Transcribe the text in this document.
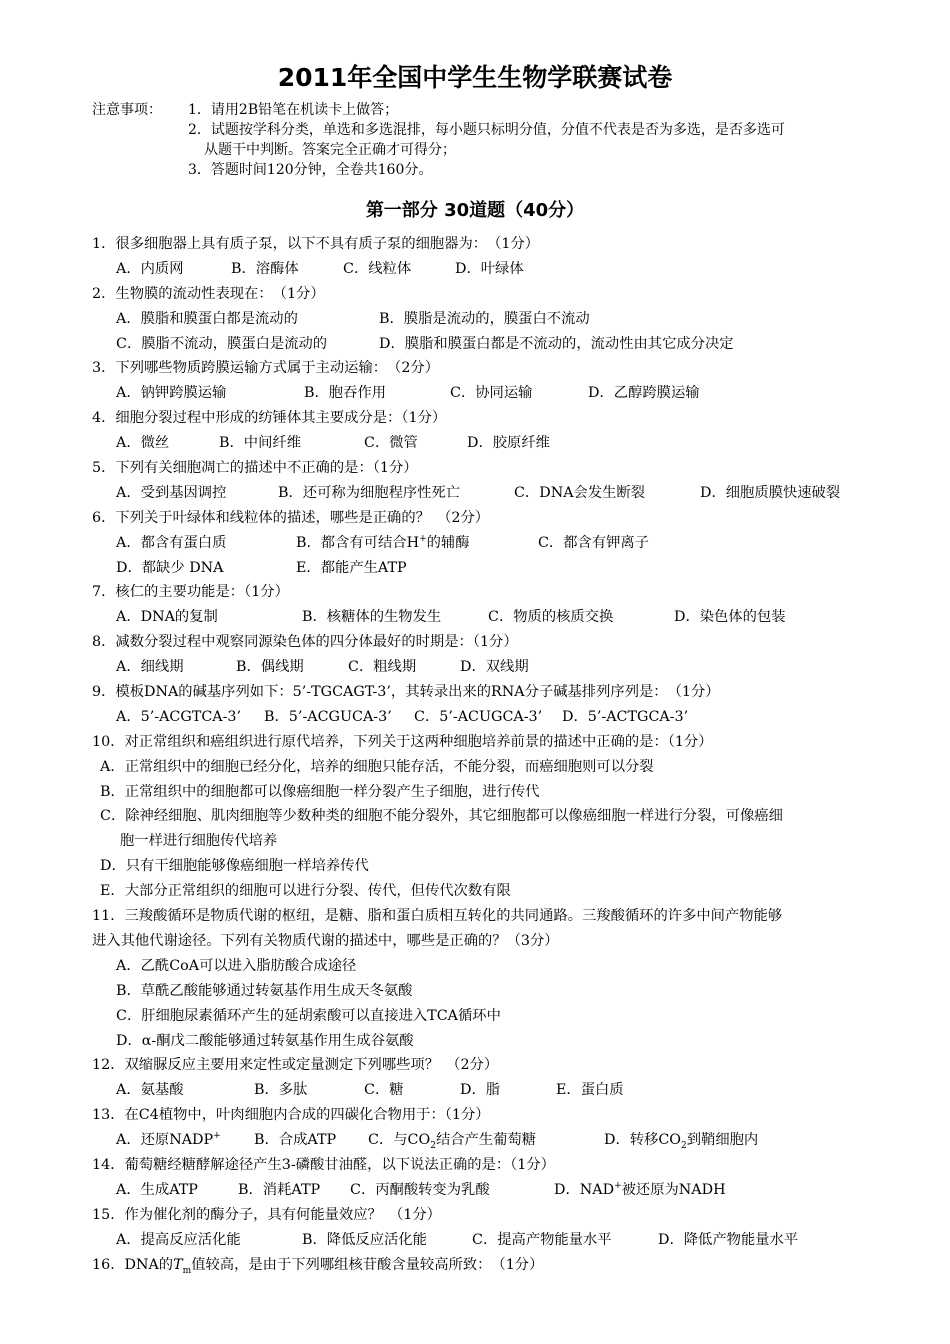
2011年全国中学生生物学联赛试卷
注意事项： 1．请用2B铅笔在机读卡上做答；
2．试题按学科分类，单选和多选混排，每小题只标明分值，分值不代表是否为多选，是否多选可
从题干中判断。答案完全正确才可得分；
3．答题时间120分钟，全卷共160分。
第一部分 30道题（40分）
1．很多细胞器上具有质子泵，以下不具有质子泵的细胞器为：　（1分）
A．内质网	B．溶酶体	C．线粒体	D．叶绿体
2．生物膜的流动性表现在：　（1分）
A．膜脂和膜蛋白都是流动的	B．膜脂是流动的，膜蛋白不流动
C．膜脂不流动，膜蛋白是流动的	D．膜脂和膜蛋白都是不流动的，流动性由其它成分决定
3．下列哪些物质跨膜运输方式属于主动运输：　（2分）
A．钠钾跨膜运输	B．胞吞作用	C．协同运输	D．乙醇跨膜运输
4．细胞分裂过程中形成的纺锤体其主要成分是：（1分）
A．微丝	B．中间纤维	C．微管	D．胶原纤维
5．下列有关细胞凋亡的描述中不正确的是：（1分）
A．受到基因调控	B．还可称为细胞程序性死亡	C．DNA会发生断裂	D．细胞质膜快速破裂
6．下列关于叶绿体和线粒体的描述，哪些是正确的？　（2分）
A．都含有蛋白质	B．都含有可结合H+的辅酶	C．都含有钾离子
D．都缺少 DNA	E．都能产生ATP
7．核仁的主要功能是：（1分）
A．DNA的复制	B．核糖体的生物发生	C．物质的核质交换	D．染色体的包装
8．减数分裂过程中观察同源染色体的四分体最好的时期是：（1分）
A．细线期	B．偶线期	C．粗线期	D．双线期
9．模板DNA的碱基序列如下：5’-TGCAGT-3’，其转录出来的RNA分子碱基排列序列是：　（1分）
A．5’-ACGTCA-3’ B．5’-ACGUCA-3’ C．5’-ACUGCA-3’ D．5’-ACTGCA-3’
10．对正常组织和癌组织进行原代培养，下列关于这两种细胞培养前景的描述中正确的是：（1分）
A．正常组织中的细胞已经分化，培养的细胞只能存活，不能分裂，而癌细胞则可以分裂
B．正常组织中的细胞都可以像癌细胞一样分裂产生子细胞，进行传代
C．除神经细胞、肌肉细胞等少数种类的细胞不能分裂外，其它细胞都可以像癌细胞一样进行分裂，可像癌细
胞一样进行细胞传代培养
D．只有干细胞能够像癌细胞一样培养传代
E．大部分正常组织的细胞可以进行分裂、传代，但传代次数有限
11．三羧酸循环是物质代谢的枢纽，是糖、脂和蛋白质相互转化的共同通路。三羧酸循环的许多中间产物能够
进入其他代谢途径。下列有关物质代谢的描述中，哪些是正确的？（3分）
A．乙酰CoA可以进入脂肪酸合成途径
B．草酰乙酸能够通过转氨基作用生成天冬氨酸
C．肝细胞尿素循环产生的延胡索酸可以直接进入TCA循环中
D．α-酮戊二酸能够通过转氨基作用生成谷氨酸
12．双缩脲反应主要用来定性或定量测定下列哪些项？　（2分）
A．氨基酸	B．多肽	C．糖	D．脂	E．蛋白质
13．在C4植物中，叶肉细胞内合成的四碳化合物用于：（1分）
A．还原NADP+ B．合成ATP C．与$CO_2$结合产生葡萄糖	D．转移$CO_2$到鞘细胞内
14．葡萄糖经糖酵解途径产生3-磷酸甘油醛，以下说法正确的是：（1分）
A．生成ATP	B．消耗ATP C．丙酮酸转变为乳酸	D．NAD+被还原为NADH
15．作为催化剂的酶分子，具有何能量效应？　（1分）
A．提高反应活化能	B．降低反应活化能	C．提高产物能量水平	D．降低产物能量水平
16．DNA的$T_m$值较高，是由于下列哪组核苷酸含量较高所致：　（1分）
